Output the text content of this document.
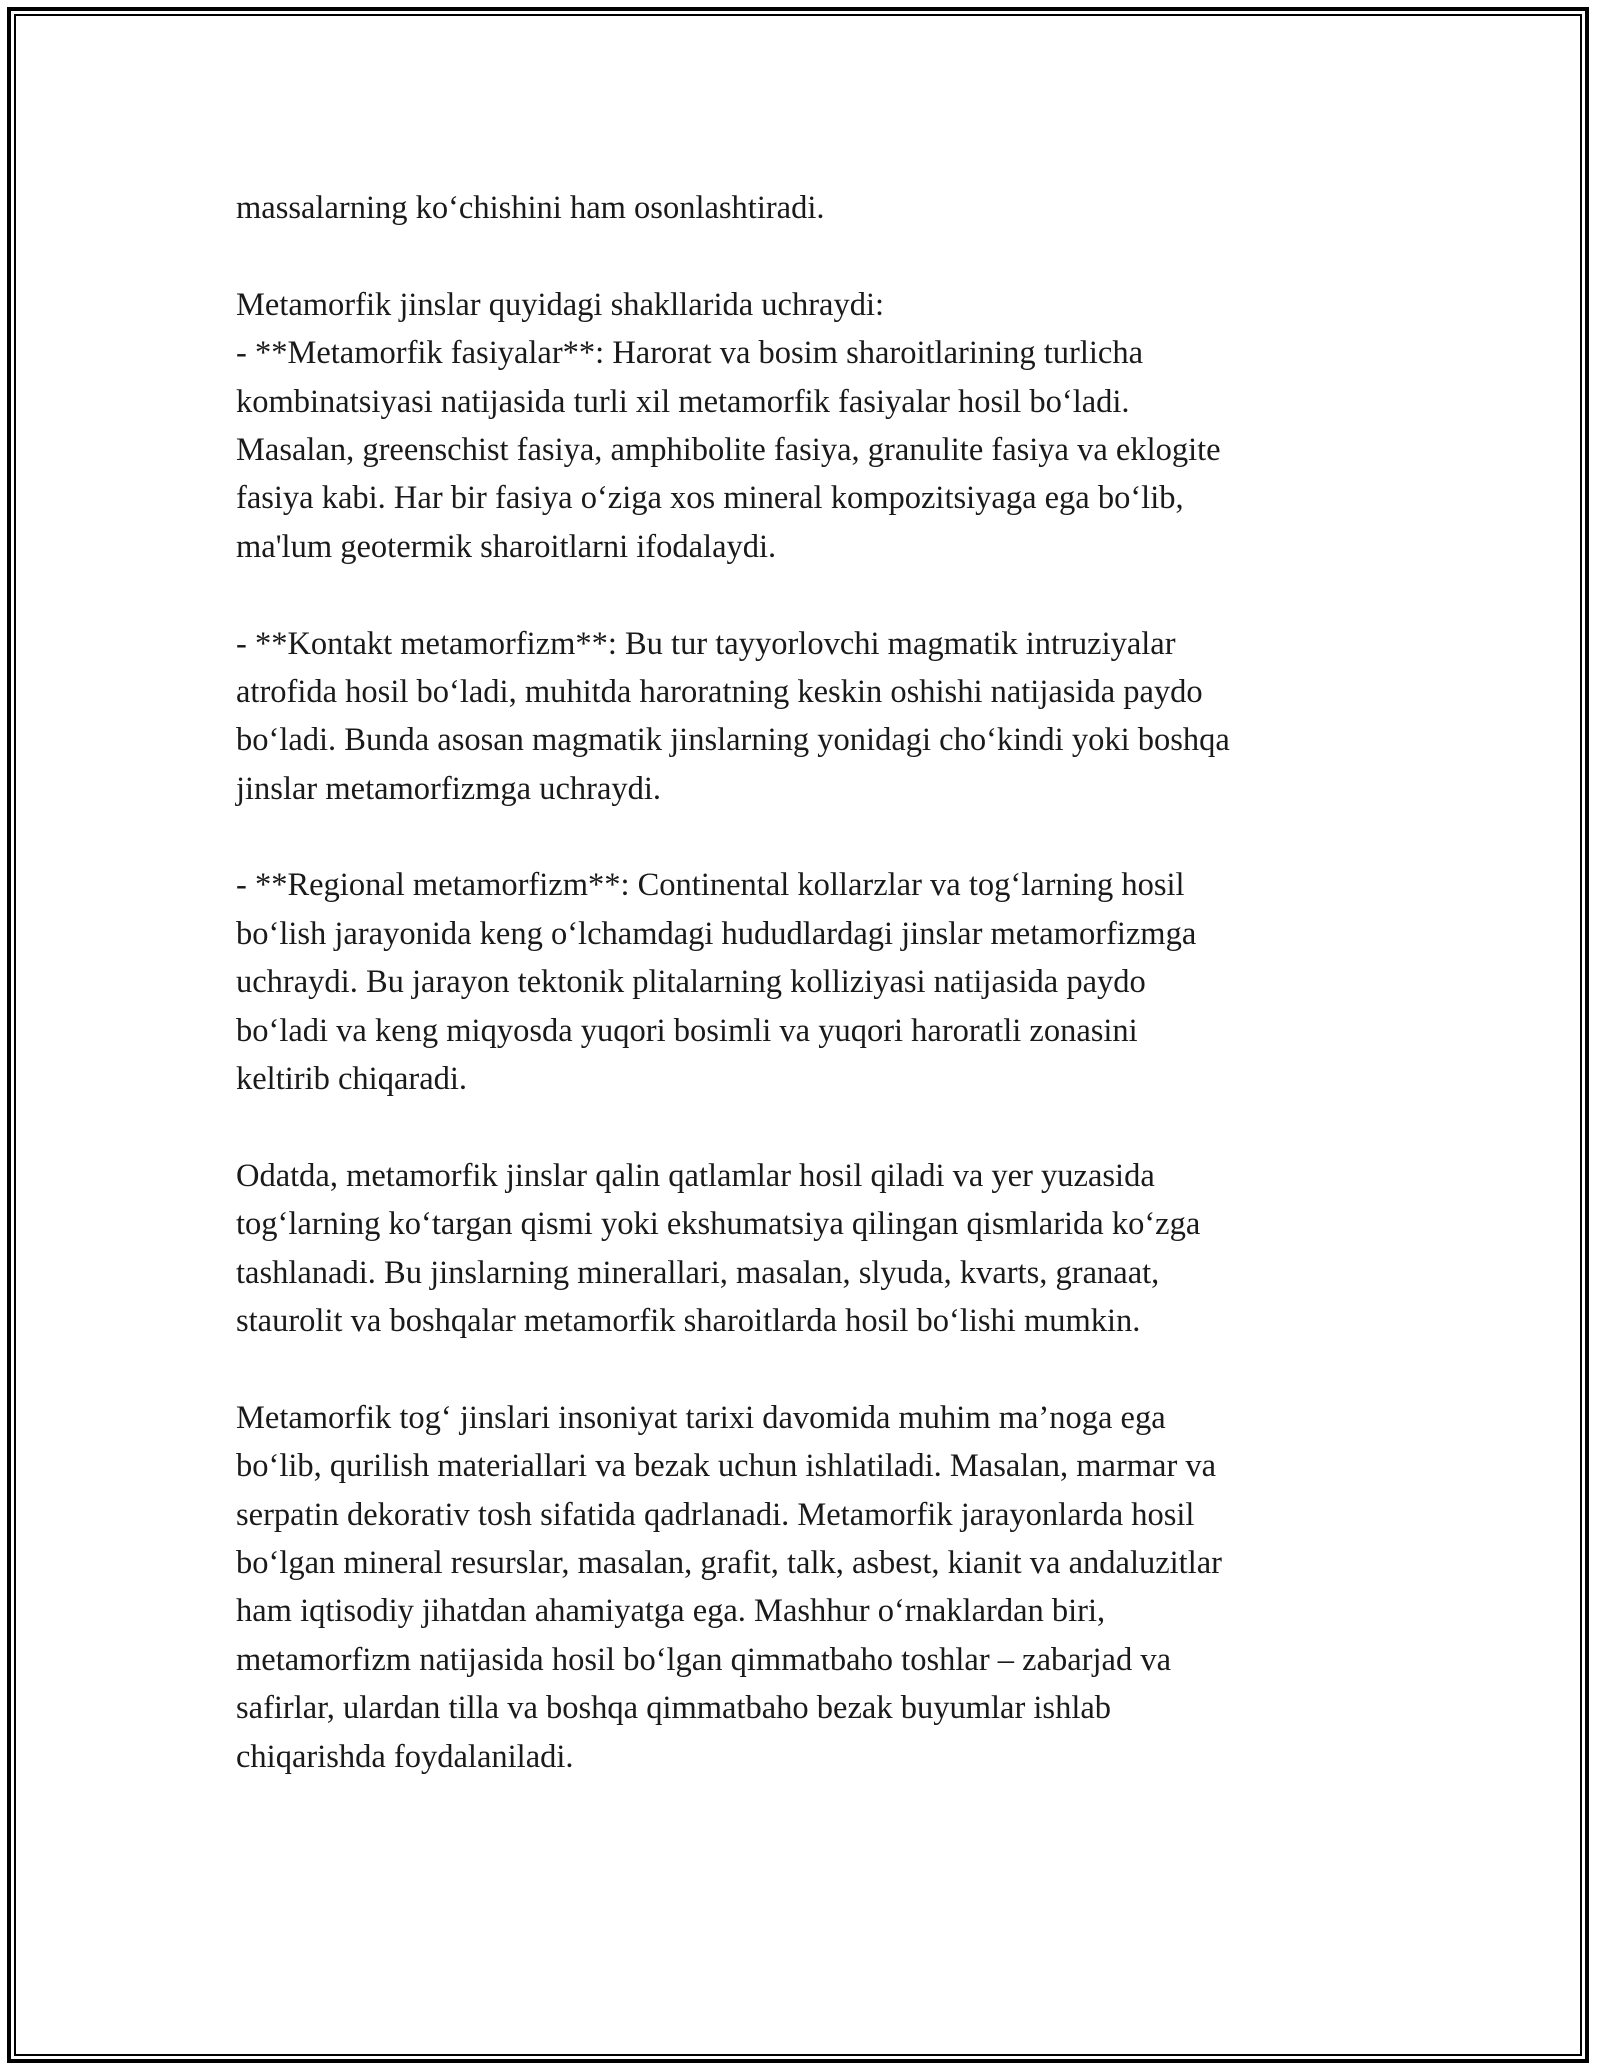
massalarning ko‘chishini ham osonlashtiradi.
Metamorfik jinslar quyidagi shakllarida uchraydi:
- **Metamorfik fasiyalar**: Harorat va bosim sharoitlarining turlicha
kombinatsiyasi natijasida turli xil metamorfik fasiyalar hosil bo‘ladi.
Masalan, greenschist fasiya, amphibolite fasiya, granulite fasiya va eklogite
fasiya kabi. Har bir fasiya o‘ziga xos mineral kompozitsiyaga ega bo‘lib,
ma'lum geotermik sharoitlarni ifodalaydi.
- **Kontakt metamorfizm**: Bu tur tayyorlovchi magmatik intruziyalar
atrofida hosil bo‘ladi, muhitda haroratning keskin oshishi natijasida paydo
bo‘ladi. Bunda asosan magmatik jinslarning yonidagi cho‘kindi yoki boshqa
jinslar metamorfizmga uchraydi.
- **Regional metamorfizm**: Continental kollarzlar va tog‘larning hosil
bo‘lish jarayonida keng o‘lchamdagi hududlardagi jinslar metamorfizmga
uchraydi. Bu jarayon tektonik plitalarning kolliziyasi natijasida paydo
bo‘ladi va keng miqyosda yuqori bosimli va yuqori haroratli zonasini
keltirib chiqaradi.
Odatda, metamorfik jinslar qalin qatlamlar hosil qiladi va yer yuzasida
tog‘larning ko‘targan qismi yoki ekshumatsiya qilingan qismlarida ko‘zga
tashlanadi. Bu jinslarning minerallari, masalan, slyuda, kvarts, granaat,
staurolit va boshqalar metamorfik sharoitlarda hosil bo‘lishi mumkin.
Metamorfik tog‘ jinslari insoniyat tarixi davomida muhim ma’noga ega
bo‘lib, qurilish materiallari va bezak uchun ishlatiladi. Masalan, marmar va
serpatin dekorativ tosh sifatida qadrlanadi. Metamorfik jarayonlarda hosil
bo‘lgan mineral resurslar, masalan, grafit, talk, asbest, kianit va andaluzitlar
ham iqtisodiy jihatdan ahamiyatga ega. Mashhur o‘rnaklardan biri,
metamorfizm natijasida hosil bo‘lgan qimmatbaho toshlar – zabarjad va
safirlar, ulardan tilla va boshqa qimmatbaho bezak buyumlar ishlab
chiqarishda foydalaniladi.
